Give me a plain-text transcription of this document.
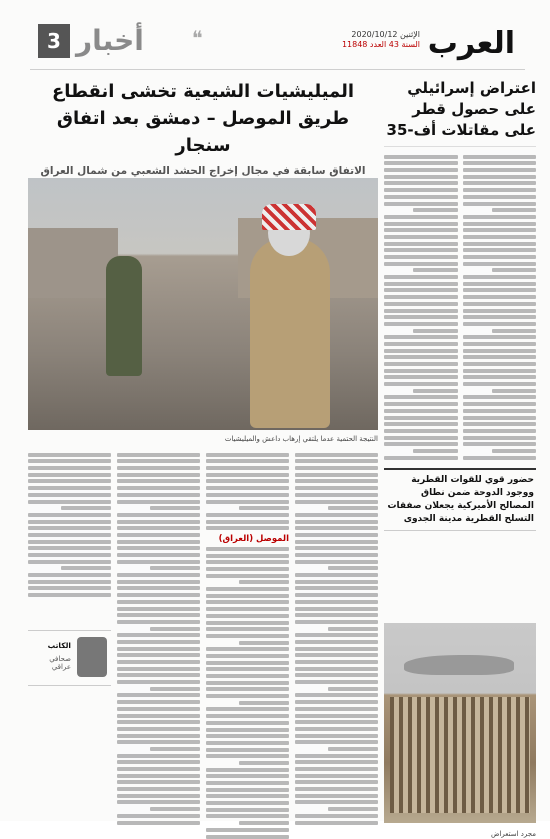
العرب
الإثنين 2020/10/12
السنة 43 العدد 11848
3 أخبار ❝
اعتراض إسرائيلي على حصول قطر على مقاتلات أف-35
حضور قوي للقوات القطرية ووجود الدوحة ضمن نطاق المصالح الأميركية يجعلان صفقات التسلح القطرية مدينة الجدوى
مجرد استعراض
الميليشيات الشيعية تخشى انقطاع طريق الموصل – دمشق بعد اتفاق سنجار
الاتفاق سابقة في مجال إخراج الحشد الشعبي من شمال العراق
النتيجة الحتمية عدما يلتقي إرهاب داعش والميليشيات
الموصل (العراق)
الكاتب
صحافي عراقي
